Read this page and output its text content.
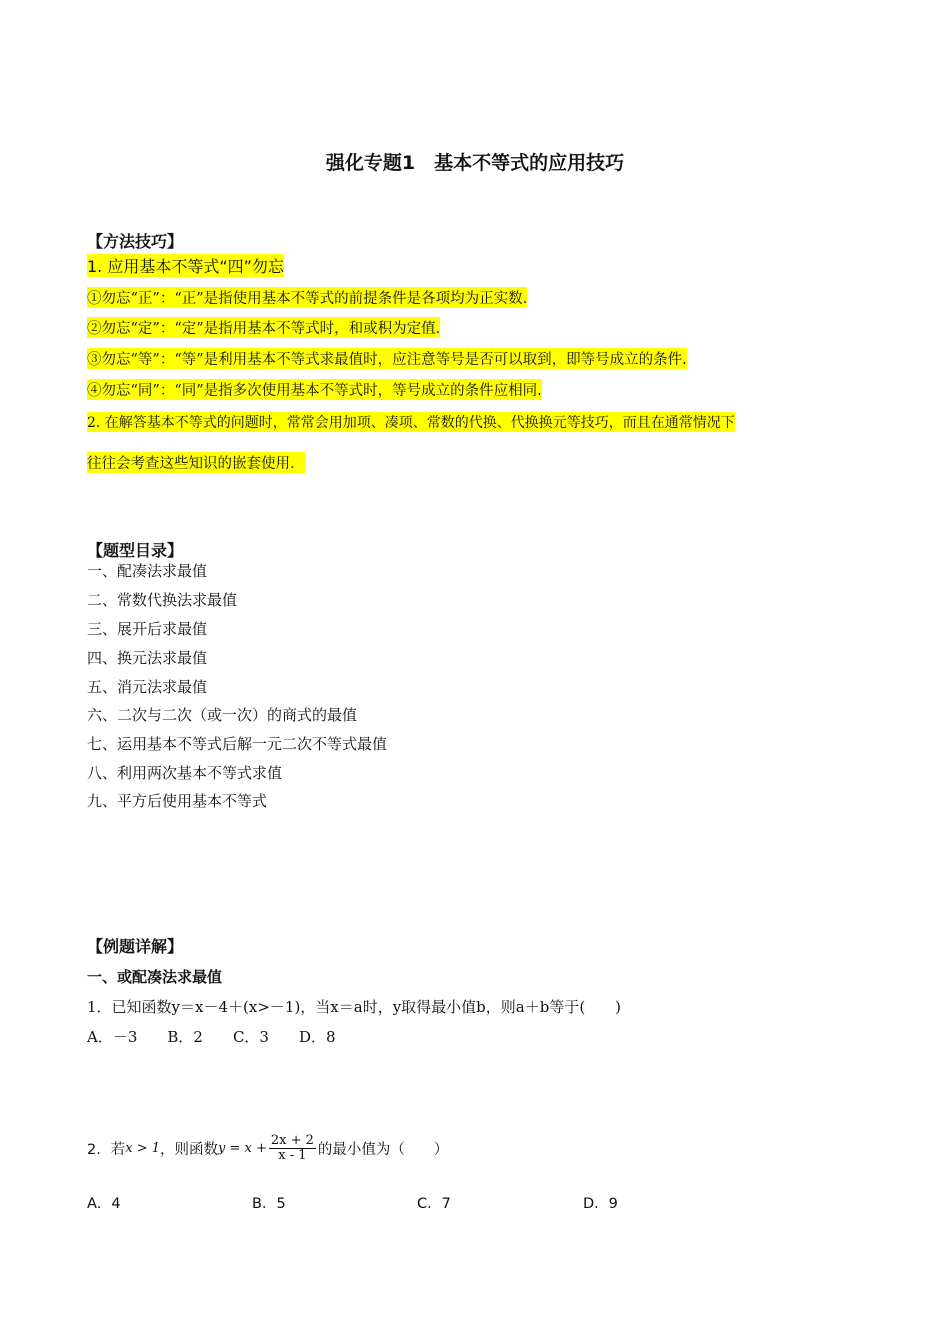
强化专题1　基本不等式的应用技巧
【方法技巧】
1. 应用基本不等式“四”勿忘
①勿忘“正”：“正”是指使用基本不等式的前提条件是各项均为正实数.
②勿忘“定”：“定”是指用基本不等式时，和或积为定值.
③勿忘“等”：“等”是利用基本不等式求最值时，应注意等号是否可以取到，即等号成立的条件.
④勿忘“同”：“同”是指多次使用基本不等式时，等号成立的条件应相同.
2. 在解答基本不等式的问题时，常常会用加项、凑项、常数的代换、代换换元等技巧，而且在通常情况下
往往会考查这些知识的嵌套使用．
【题型目录】
一、配凑法求最值
二、常数代换法求最值
三、展开后求最值
四、换元法求最值
五、消元法求最值
六、二次与二次（或一次）的商式的最值
七、运用基本不等式后解一元二次不等式最值
八、利用两次基本不等式求值
九、平方后使用基本不等式
【例题详解】
一、或配凑法求最值
1．已知函数y＝x－4＋(x>－1)，当x＝a时，y取得最小值b，则a＋b等于(　　)
A．－3　　B．2　　C．3　　D．8
2．若 x > 1 ，则函数 $y = x + \frac{2x + 2}{x - 1}$ 的最小值为（　　）
A．4	B．5	C．7	D．9
